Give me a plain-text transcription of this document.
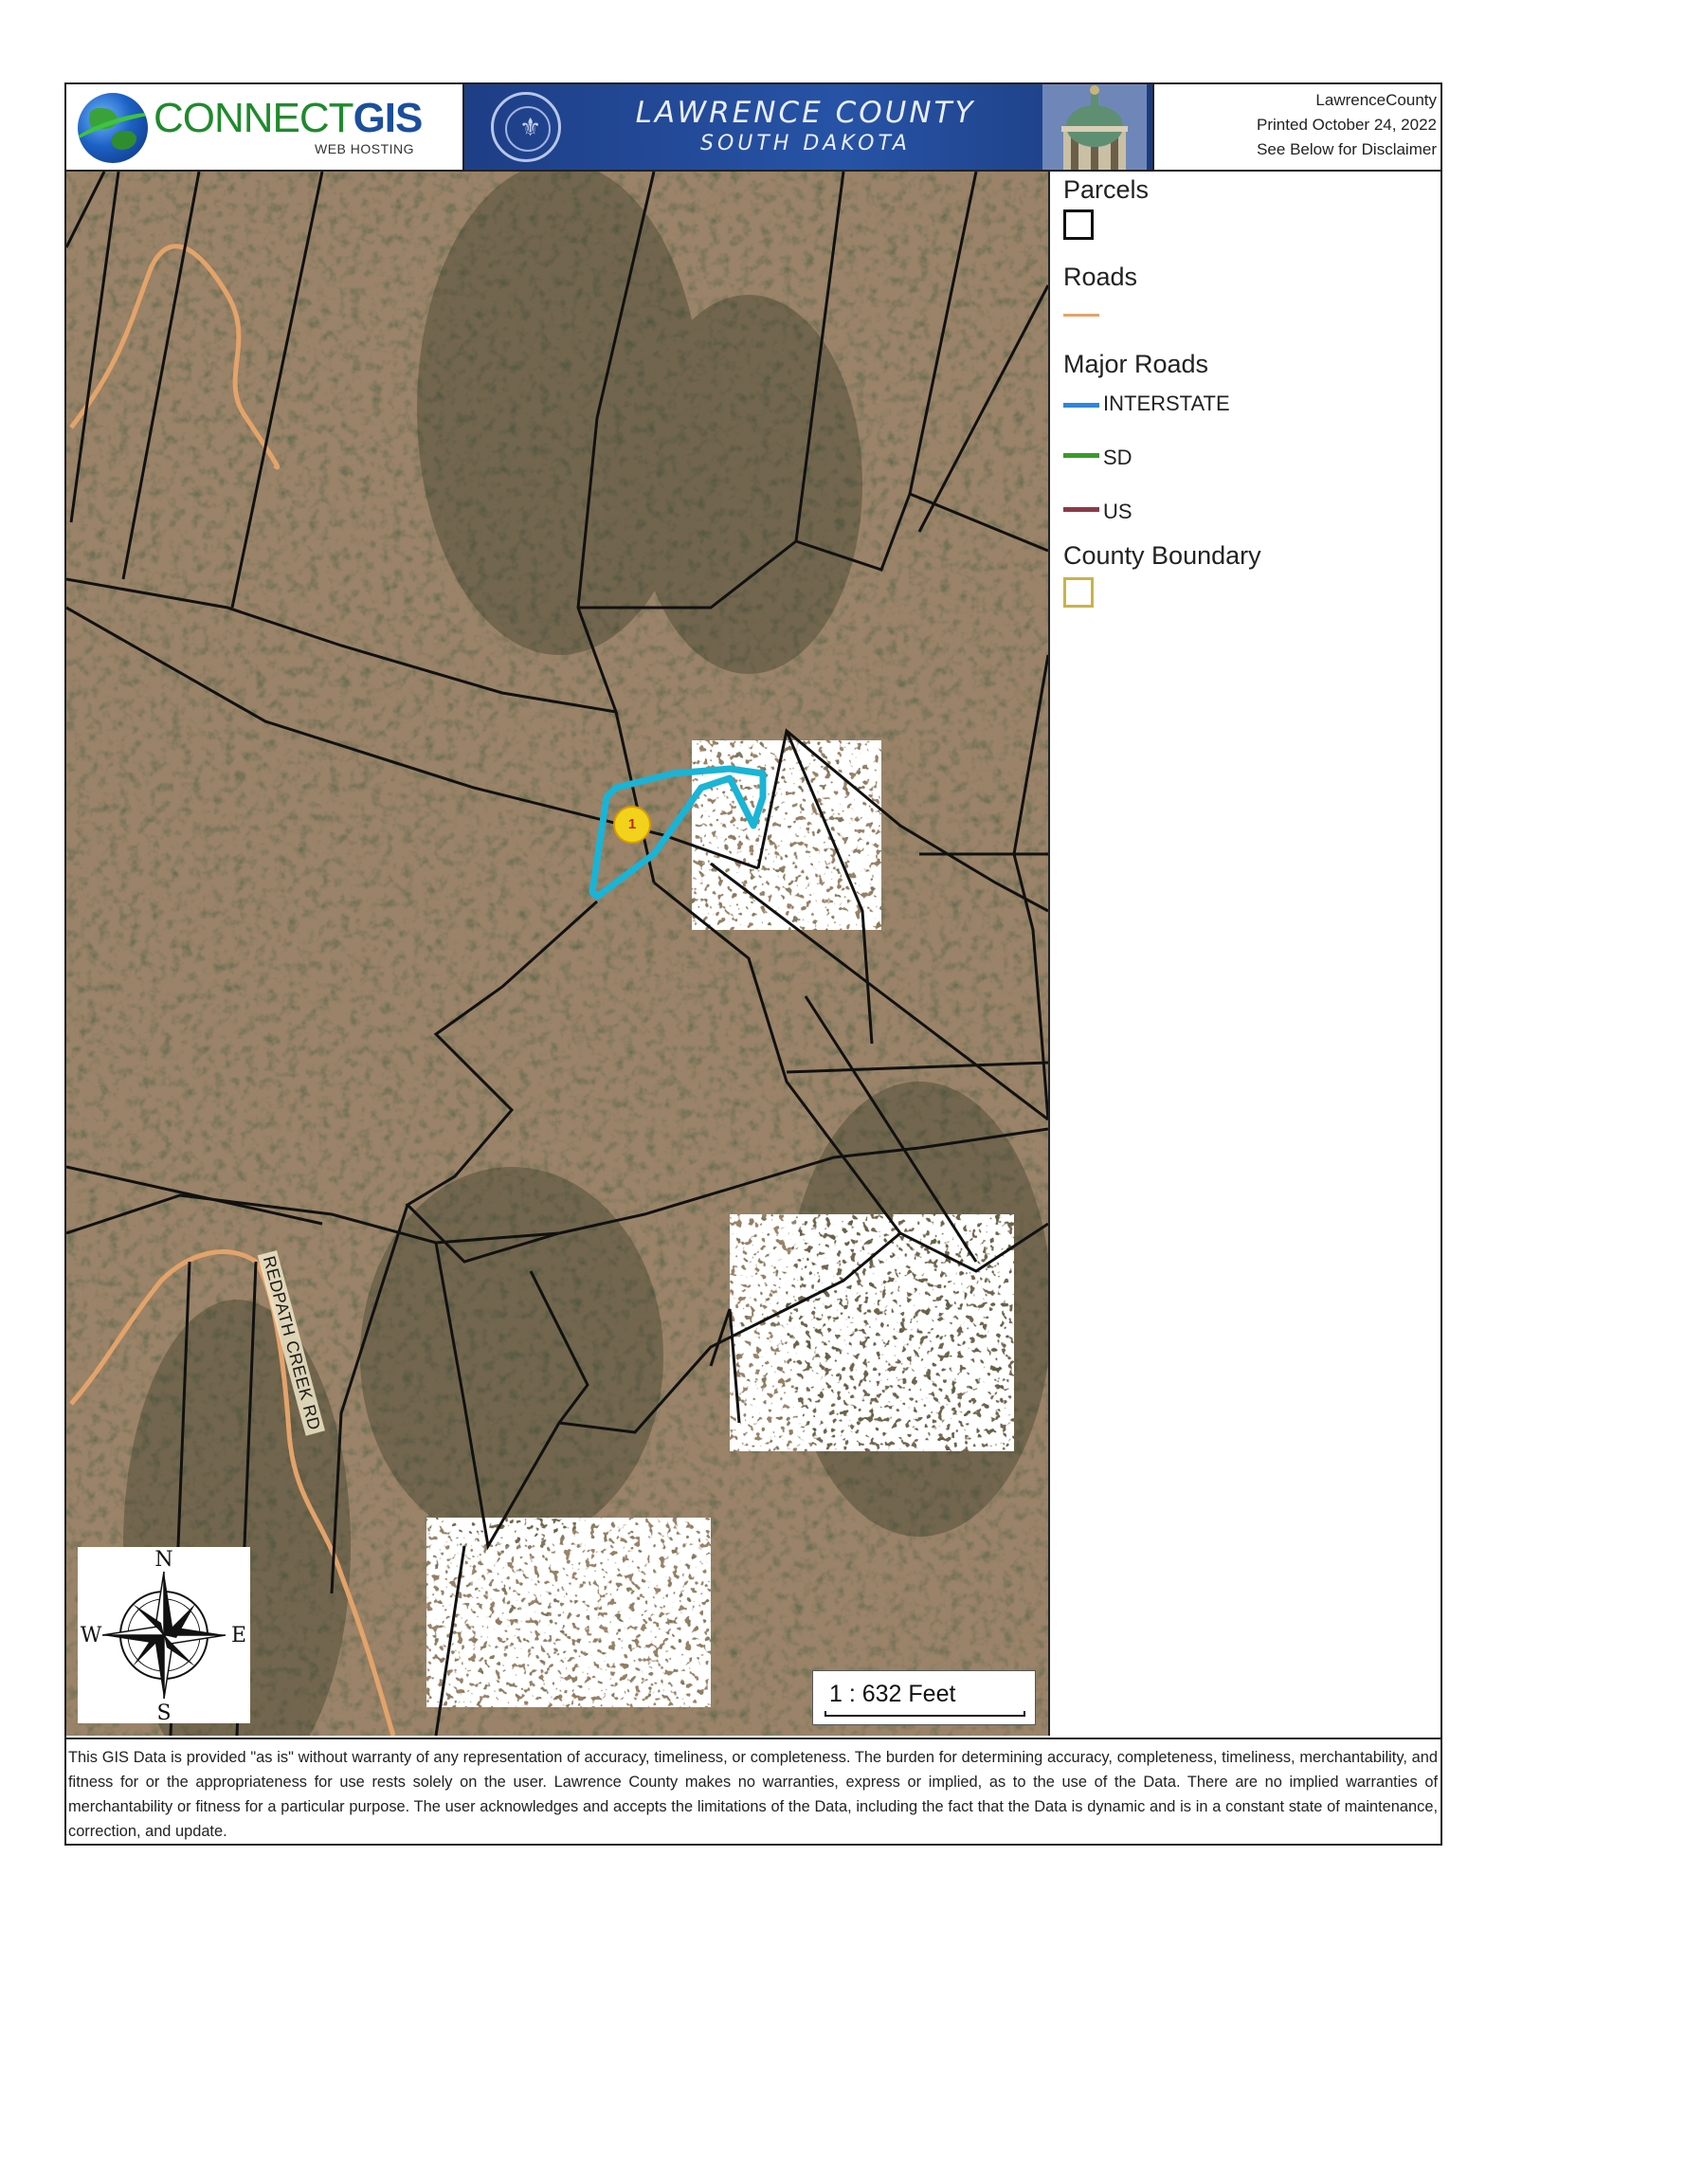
CONNECTGIS
WEB HOSTING
⚜	LAWRENCE COUNTY
SOUTH DAKOTA
LawrenceCounty
Printed October 24, 2022
See Below for Disclaimer
1
REDPATH CREEK RD
N
S
W	E
1 : 632 Feet
Parcels
Roads
Major Roads
INTERSTATE
SD
US
County Boundary
This GIS Data is provided "as is" without warranty of any representation of accuracy, timeliness, or completeness. The burden for determining accuracy, completeness, timeliness, merchantability, and fitness for or the appropriateness for use rests solely on the user. Lawrence County makes no warranties, express or implied, as to the use of the Data. There are no implied warranties of merchantability or fitness for a particular purpose. The user acknowledges and accepts the limitations of the Data, including the fact that the Data is dynamic and is in a constant state of maintenance, correction, and update.
